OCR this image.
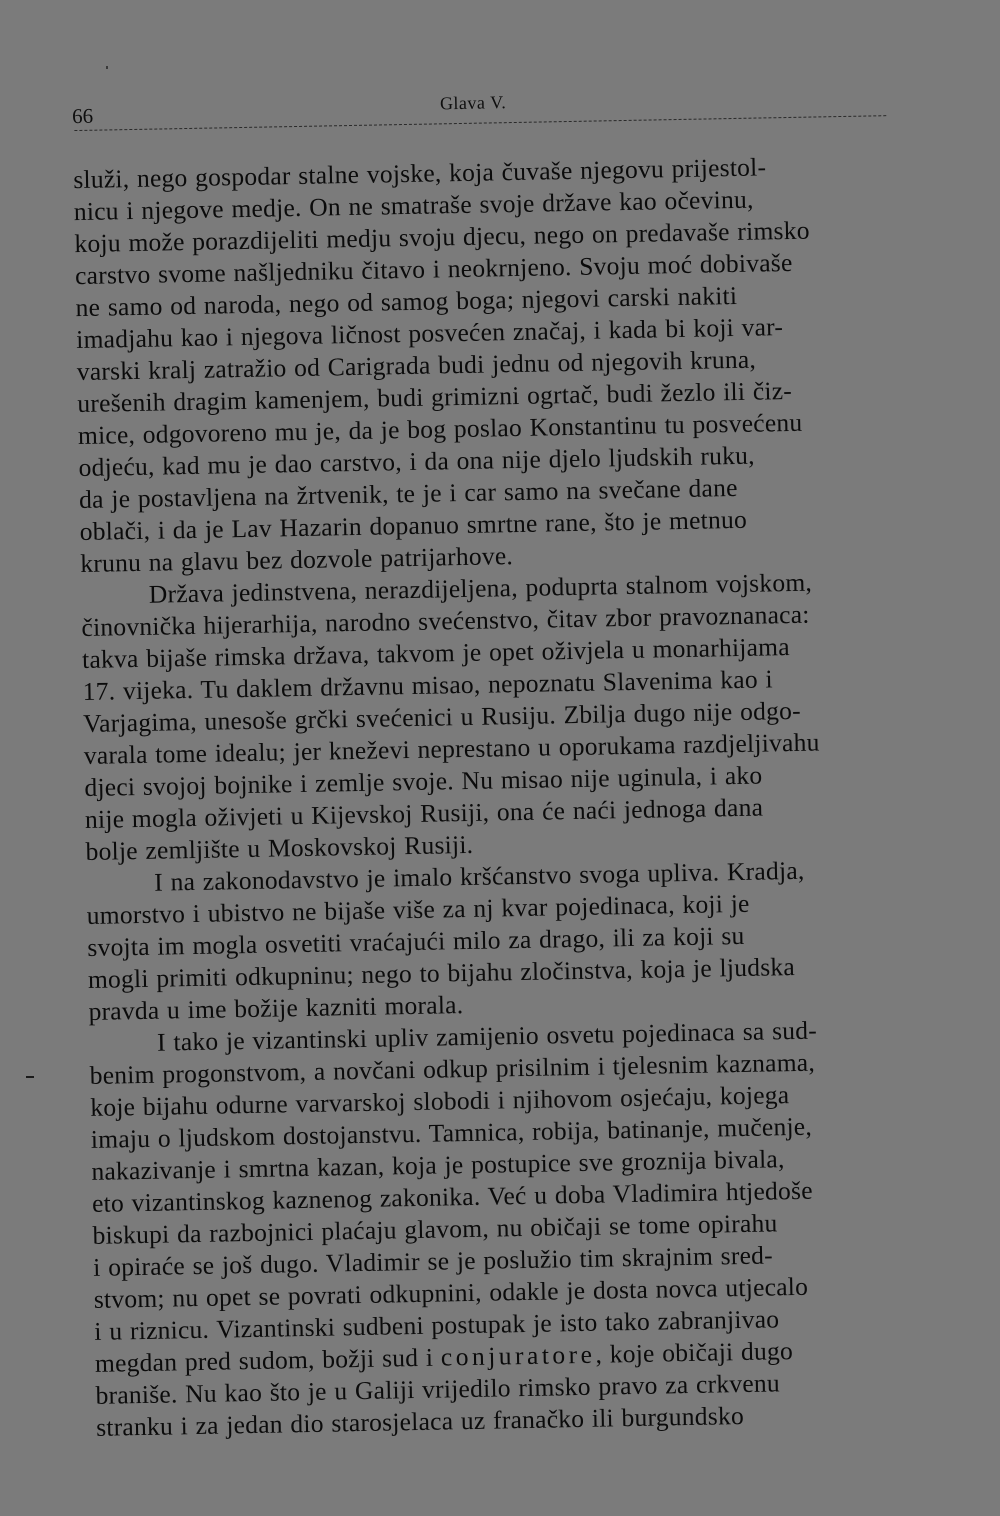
66
Glava V.
služi, nego gospodar stalne vojske, koja čuvaše njegovu prijestol-
nicu i njegove medje. On ne smatraše svoje države kao očevinu,
koju može porazdijeliti medju svoju djecu, nego on predavaše rimsko
carstvo svome našljedniku čitavo i neokrnjeno. Svoju moć dobivaše
ne samo od naroda, nego od samog boga; njegovi carski nakiti
imadjahu kao i njegova ličnost posvećen značaj, i kada bi koji var-
varski kralj zatražio od Carigrada budi jednu od njegovih kruna,
urešenih dragim kamenjem, budi grimizni ogrtač, budi žezlo ili čiz-
mice, odgovoreno mu je, da je bog poslao Konstantinu tu posvećenu
odjeću, kad mu je dao carstvo, i da ona nije djelo ljudskih ruku,
da je postavljena na žrtvenik, te je i car samo na svečane dane
oblači, i da je Lav Hazarin dopanuo smrtne rane, što je metnuo
krunu na glavu bez dozvole patrijarhove.
Država jedinstvena, nerazdijeljena, poduprta stalnom vojskom,
činovnička hijerarhija, narodno svećenstvo, čitav zbor pravoznanaca:
takva bijaše rimska država, takvom je opet oživjela u monarhijama
17. vijeka. Tu daklem državnu misao, nepoznatu Slavenima kao i
Varjagima, unesoše grčki svećenici u Rusiju. Zbilja dugo nije odgo-
varala tome idealu; jer kneževi neprestano u oporukama razdjeljivahu
djeci svojoj bojnike i zemlje svoje. Nu misao nije uginula, i ako
nije mogla oživjeti u Kijevskoj Rusiji, ona će naći jednoga dana
bolje zemljište u Moskovskoj Rusiji.
I na zakonodavstvo je imalo kršćanstvo svoga upliva. Kradja,
umorstvo i ubistvo ne bijaše više za nj kvar pojedinaca, koji je
svojta im mogla osvetiti vraćajući milo za drago, ili za koji su
mogli primiti odkupninu; nego to bijahu zločinstva, koja je ljudska
pravda u ime božije kazniti morala.
I tako je vizantinski upliv zamijenio osvetu pojedinaca sa sud-
benim progonstvom, a novčani odkup prisilnim i tjelesnim kaznama,
koje bijahu odurne varvarskoj slobodi i njihovom osjećaju, kojega
imaju o ljudskom dostojanstvu. Tamnica, robija, batinanje, mučenje,
nakazivanje i smrtna kazan, koja je postupice sve groznija bivala,
eto vizantinskog kaznenog zakonika. Već u doba Vladimira htjedoše
biskupi da razbojnici plaćaju glavom, nu običaji se tome opirahu
i opiraće se još dugo. Vladimir se je poslužio tim skrajnim sred-
stvom; nu opet se povrati odkupnini, odakle je dosta novca utjecalo
i u riznicu. Vizantinski sudbeni postupak je isto tako zabranjivao
megdan pred sudom, božji sud i conjuratore, koje običaji dugo
braniše. Nu kao što je u Galiji vrijedilo rimsko pravo za crkvenu
stranku i za jedan dio starosjelaca uz franačko ili burgundsko
